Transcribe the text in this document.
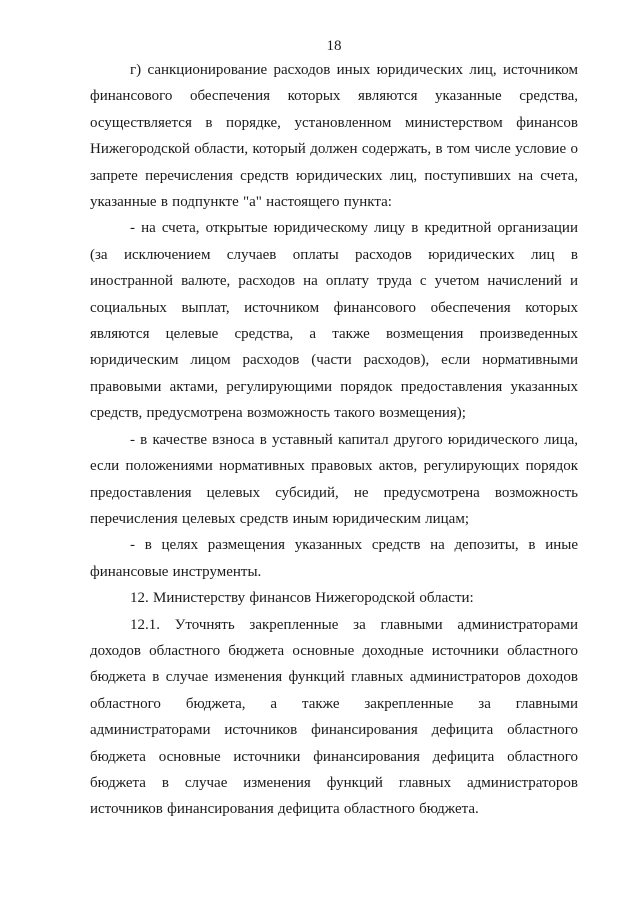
18

г) санкционирование расходов иных юридических лиц, источником финансового обеспечения которых являются указанные средства, осуществляется в порядке, установленном министерством финансов Нижегородской области, который должен содержать, в том числе условие о запрете перечисления средств юридических лиц, поступивших на счета, указанные в подпункте "а" настоящего пункта:

- на счета, открытые юридическому лицу в кредитной организации (за исключением случаев оплаты расходов юридических лиц в иностранной валюте, расходов на оплату труда с учетом начислений и социальных выплат, источником финансового обеспечения которых являются целевые средства, а также возмещения произведенных юридическим лицом расходов (части расходов), если нормативными правовыми актами, регулирующими порядок предоставления указанных средств, предусмотрена возможность такого возмещения);

- в качестве взноса в уставный капитал другого юридического лица, если положениями нормативных правовых актов, регулирующих порядок предоставления целевых субсидий, не предусмотрена возможность перечисления целевых средств иным юридическим лицам;

- в целях размещения указанных средств на депозиты, в иные финансовые инструменты.

12. Министерству финансов Нижегородской области:

12.1. Уточнять закрепленные за главными администраторами доходов областного бюджета основные доходные источники областного бюджета в случае изменения функций главных администраторов доходов областного бюджета, а также закрепленные за главными администраторами источников финансирования дефицита областного бюджета основные источники финансирования дефицита областного бюджета в случае изменения функций главных администраторов источников финансирования дефицита областного бюджета.
